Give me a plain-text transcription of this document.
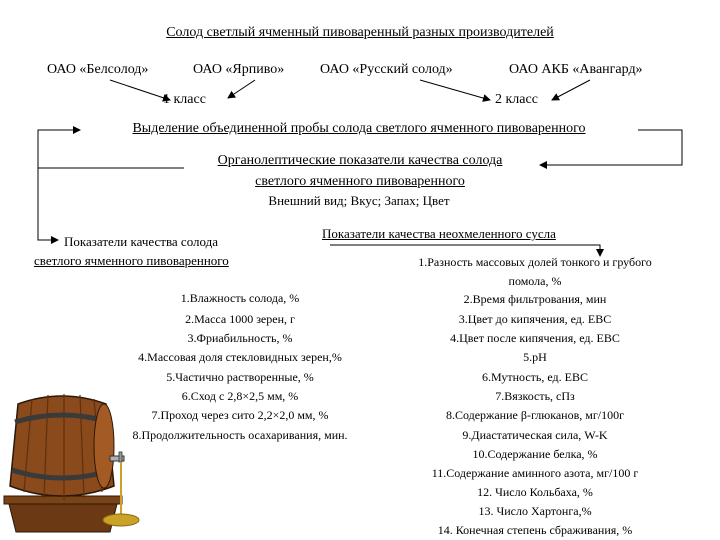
Солод светлый ячменный пивоваренный разных производителей
ОАО «Белсолод»	ОАО «Ярпиво»	ОАО «Русский солод»	ОАО АКБ «Авангард»
1 класс	2 класс
Выделение объединенной пробы солода светлого ячменного пивоваренного
Органолептические показатели качества солода
светлого ячменного пивоваренного
Внешний вид; Вкус; Запах; Цвет
Показатели качества солода
светлого ячменного пивоваренного
1.Влажность солода, %
2.Масса 1000 зерен, г
3.Фриабильность, %
4.Массовая доля стекловидных зерен,%
5.Частично растворенные, %
6.Сход с 2,8×2,5 мм, %
7.Проход через сито 2,2×2,0 мм, %
8.Продолжительность осахаривания, мин.
Показатели качества неохмеленного сусла
1.Разность массовых долей тонкого и грубого
помола, %
2.Время фильтрования, мин
3.Цвет до кипячения, ед. EBC
4.Цвет после кипячения, ед. EBC
5.pH
6.Мутность, ед. EBC
7.Вязкость, сПз
8.Содержание β-глюканов, мг/100г
9.Диастатическая сила, W-K
10.Содержание белка, %
11.Содержание аминного азота, мг/100 г
12. Число Кольбаха, %
13. Число Хартонга,%
14. Конечная степень сбраживания, %
